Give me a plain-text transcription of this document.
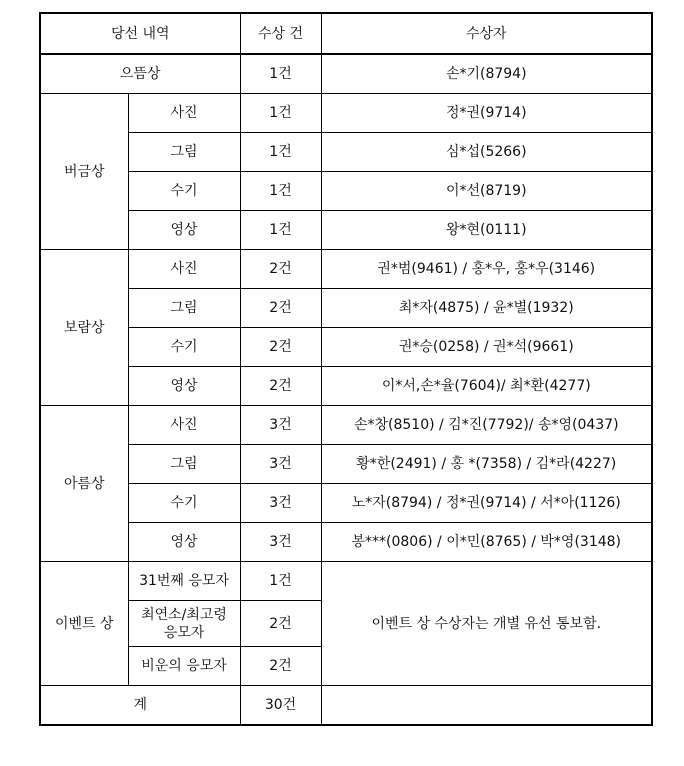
당선 내역		수상 건	수상자
으뜸상		1건	손*기(8794)
버금상	사진	1건	정*권(9714)
	그림	1건	심*섭(5266)
	수기	1건	이*선(8719)
	영상	1건	왕*현(0111)
보람상	사진	2건	권*범(9461) / 홍*우, 홍*우(3146)
	그림	2건	최*자(4875) / 윤*별(1932)
	수기	2건	권*승(0258) / 권*석(9661)
	영상	2건	이*서,손*율(7604)/ 최*환(4277)
아름상	사진	3건	손*창(8510) / 김*진(7792)/ 송*영(0437)
	그림	3건	황*한(2491) / 홍 *(7358) / 김*라(4227)
	수기	3건	노*자(8794) / 정*권(9714) / 서*아(1126)
	영상	3건	봉***(0806) / 이*민(8765) / 박*영(3148)
이벤트 상	31번째 응모자	1건	이벤트 상 수상자는 개별 유선 통보함.
	최연소/최고령 응모자	2건	
	비운의 응모자	2건	
계		30건	
